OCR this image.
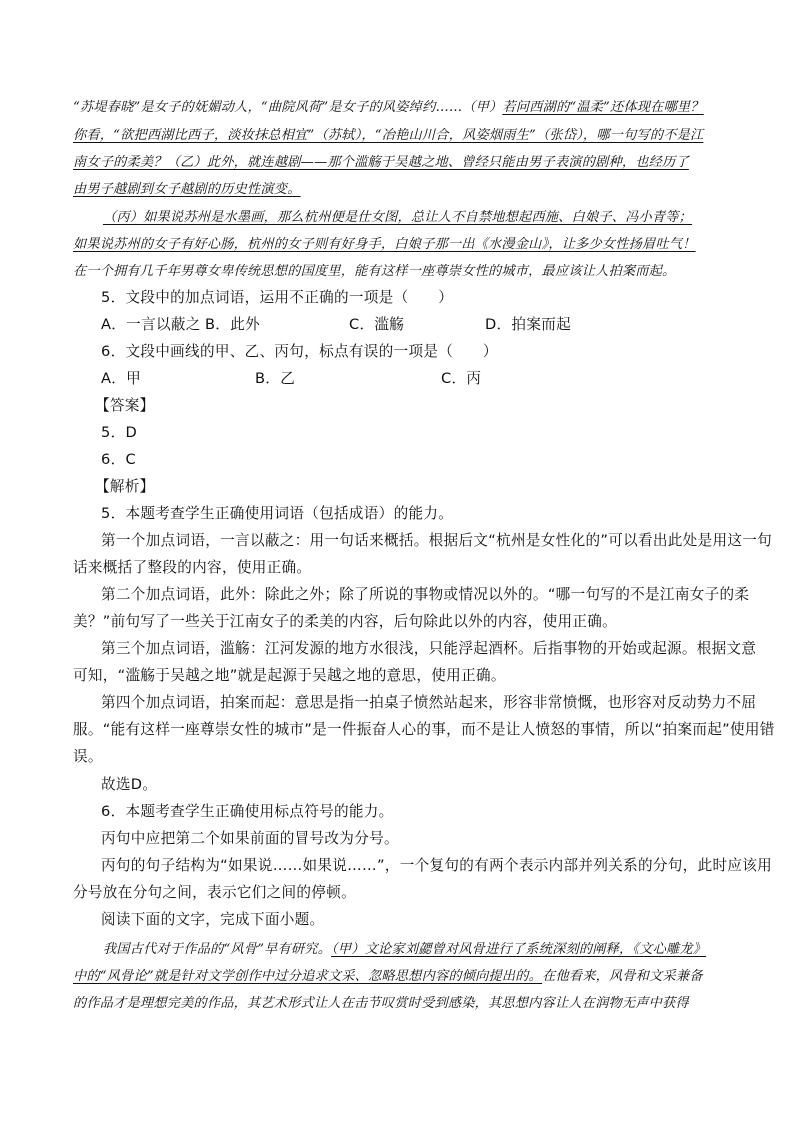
“苏堤春晓”是女子的妩媚动人，“曲院风荷”是女子的风姿绰约……（甲）若问西湖的“温柔”还体现在哪里？
你看，“欲把西湖比西子，淡妆抹总相宜”（苏轼），“冶艳山川合，风姿烟雨生”（张岱），哪一句写的不是江
南女子的柔美？（乙）此外，就连越剧——那个滥觞于吴越之地、曾经只能由男子表演的剧种，也经历了
由男子越剧到女子越剧的历史性演变。
（丙）如果说苏州是水墨画，那么杭州便是仕女图，总让人不自禁地想起西施、白娘子、冯小青等；
如果说苏州的女子有好心肠，杭州的女子则有好身手，白娘子那一出《水漫金山》，让多少女性扬眉吐气！
在一个拥有几千年男尊女卑传统思想的国度里，能有这样一座尊崇女性的城市，最应该让人拍案而起。
5．文段中的加点词语，运用不正确的一项是（　　）
A．一言以蔽之 B．此外	C．滥觞	D．拍案而起
6．文段中画线的甲、乙、丙句，标点有误的一项是（　　）
A．甲	B．乙	C．丙
【答案】
5．D
6．C
【解析】
5．本题考查学生正确使用词语（包括成语）的能力。
第一个加点词语，一言以蔽之：用一句话来概括。根据后文“杭州是女性化的”可以看出此处是用这一句
话来概括了整段的内容，使用正确。
第二个加点词语，此外：除此之外；除了所说的事物或情况以外的。“哪一句写的不是江南女子的柔
美？”前句写了一些关于江南女子的柔美的内容，后句除此以外的内容，使用正确。
第三个加点词语，滥觞：江河发源的地方水很浅，只能浮起酒杯。后指事物的开始或起源。根据文意
可知，“滥觞于吴越之地”就是起源于吴越之地的意思，使用正确。
第四个加点词语，拍案而起：意思是指一拍桌子愤然站起来，形容非常愤慨，也形容对反动势力不屈
服。“能有这样一座尊崇女性的城市”是一件振奋人心的事，而不是让人愤怒的事情，所以“拍案而起”使用错
误。
故选D。
6．本题考查学生正确使用标点符号的能力。
丙句中应把第二个如果前面的冒号改为分号。
丙句的句子结构为“如果说……如果说……”，一个复句的有两个表示内部并列关系的分句，此时应该用
分号放在分句之间，表示它们之间的停顿。
阅读下面的文字，完成下面小题。
我国古代对于作品的“风骨”早有研究。（甲）文论家刘勰曾对风骨进行了系统深刻的阐释，《文心雕龙》
中的“风骨论”就是针对文学创作中过分追求文采、忽略思想内容的倾向提出的。在他看来，风骨和文采兼备
的作品才是理想完美的作品，其艺术形式让人在击节叹赏时受到感染，其思想内容让人在润物无声中获得
